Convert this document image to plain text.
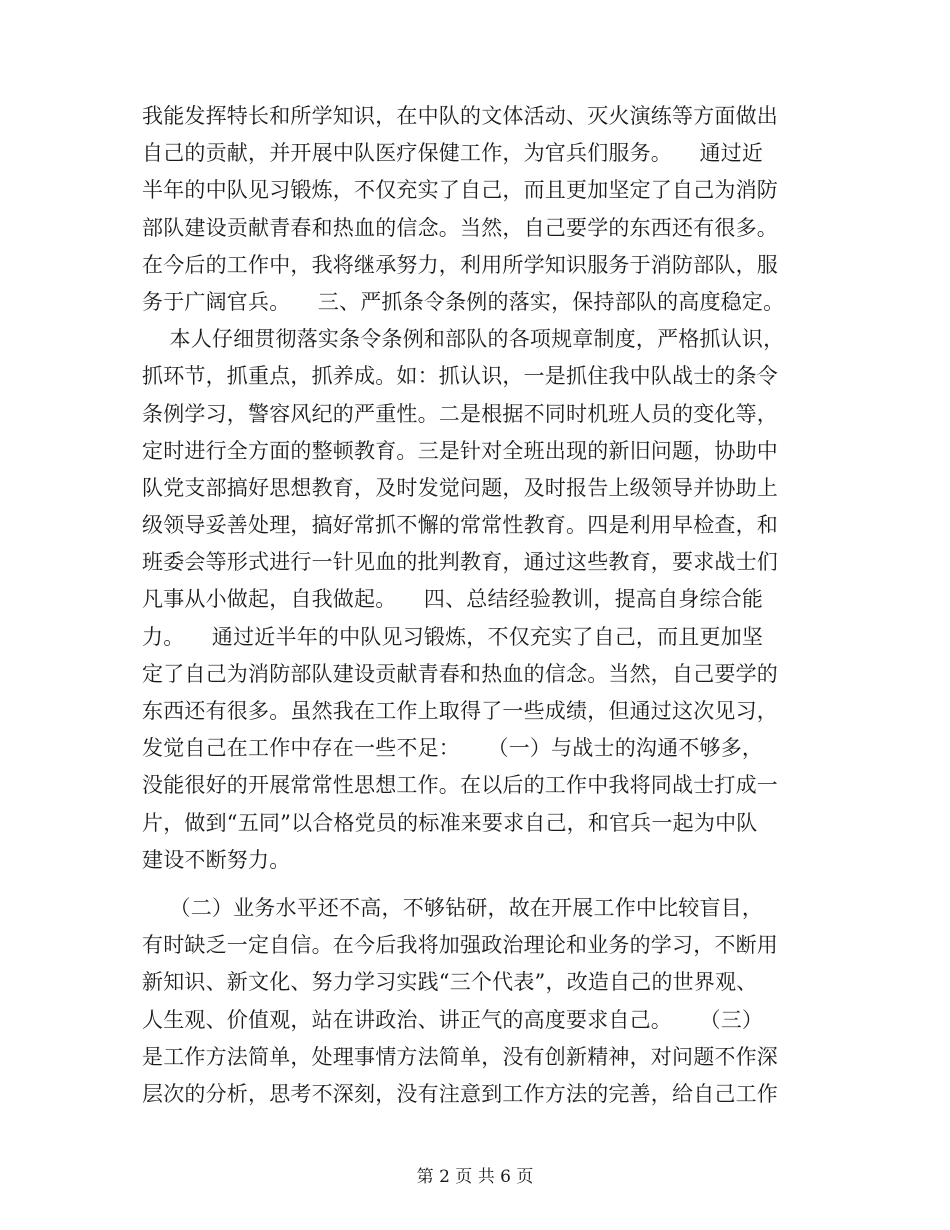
我能发挥特长和所学知识，在中队的文体活动、灭火演练等方面做出
自己的贡献，并开展中队医疗保健工作，为官兵们服务。    通过近
半年的中队见习锻炼，不仅充实了自己，而且更加坚定了自己为消防
部队建设贡献青春和热血的信念。当然，自己要学的东西还有很多。
在今后的工作中，我将继承努力，利用所学知识服务于消防部队，服
务于广阔官兵。    三、严抓条令条例的落实，保持部队的高度稳定。
本人仔细贯彻落实条令条例和部队的各项规章制度，严格抓认识，
抓环节，抓重点，抓养成。如：抓认识，一是抓住我中队战士的条令
条例学习，警容风纪的严重性。二是根据不同时机班人员的变化等，
定时进行全方面的整顿教育。三是针对全班出现的新旧问题，协助中
队党支部搞好思想教育，及时发觉问题，及时报告上级领导并协助上
级领导妥善处理，搞好常抓不懈的常常性教育。四是利用早检查，和
班委会等形式进行一针见血的批判教育，通过这些教育，要求战士们
凡事从小做起，自我做起。    四、总结经验教训，提高自身综合能
力。    通过近半年的中队见习锻炼，不仅充实了自己，而且更加坚
定了自己为消防部队建设贡献青春和热血的信念。当然，自己要学的
东西还有很多。虽然我在工作上取得了一些成绩，但通过这次见习，
发觉自己在工作中存在一些不足：    （一）与战士的沟通不够多，
没能很好的开展常常性思想工作。在以后的工作中我将同战士打成一
片，做到“五同”以合格党员的标准来要求自己，和官兵一起为中队
建设不断努力。
（二）业务水平还不高，不够钻研，故在开展工作中比较盲目，
有时缺乏一定自信。在今后我将加强政治理论和业务的学习，不断用
新知识、新文化、努力学习实践“三个代表”，改造自己的世界观、
人生观、价值观，站在讲政治、讲正气的高度要求自己。    （三）
是工作方法简单，处理事情方法简单，没有创新精神，对问题不作深
层次的分析，思考不深刻，没有注意到工作方法的完善，给自己工作
第 2 页 共 6 页
